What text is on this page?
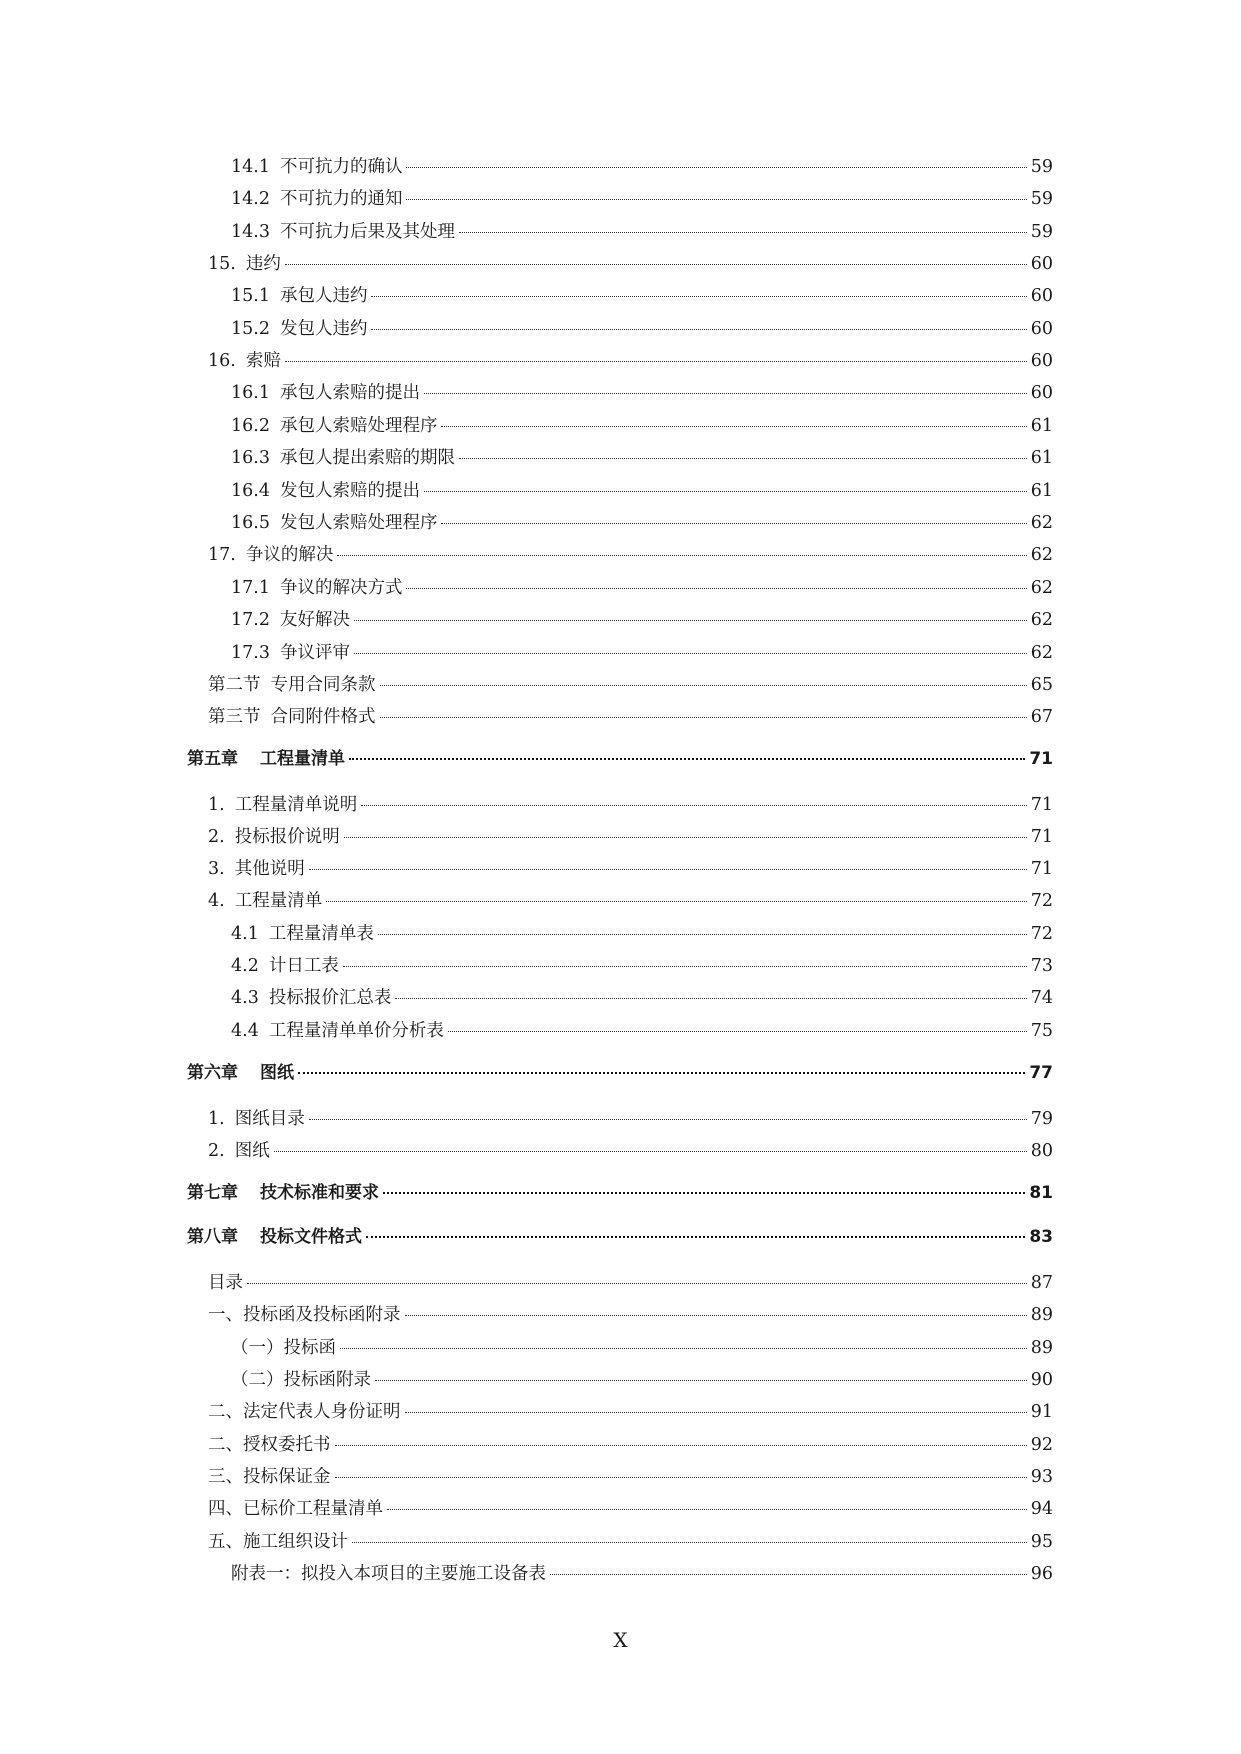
14.1 不可抗力的确认	59
14.2 不可抗力的通知	59
14.3 不可抗力后果及其处理	59
15. 违约	60
15.1 承包人违约	60
15.2 发包人违约	60
16. 索赔	60
16.1 承包人索赔的提出	60
16.2 承包人索赔处理程序	61
16.3 承包人提出索赔的期限	61
16.4 发包人索赔的提出	61
16.5 发包人索赔处理程序	62
17. 争议的解决	62
17.1 争议的解决方式	62
17.2 友好解决	62
17.3 争议评审	62
第二节 专用合同条款	65
第三节 合同附件格式	67
第五章 工程量清单	71
1. 工程量清单说明	71
2. 投标报价说明	71
3. 其他说明	71
4. 工程量清单	72
4.1 工程量清单表	72
4.2 计日工表	73
4.3 投标报价汇总表	74
4.4 工程量清单单价分析表	75
第六章 图纸	77
1. 图纸目录	79
2. 图纸	80
第七章 技术标准和要求	81
第八章 投标文件格式	83
目录	87
一、投标函及投标函附录	89
（一）投标函	89
（二）投标函附录	90
二、法定代表人身份证明	91
二、授权委托书	92
三、投标保证金	93
四、已标价工程量清单	94
五、施工组织设计	95
附表一：拟投入本项目的主要施工设备表	96
X
